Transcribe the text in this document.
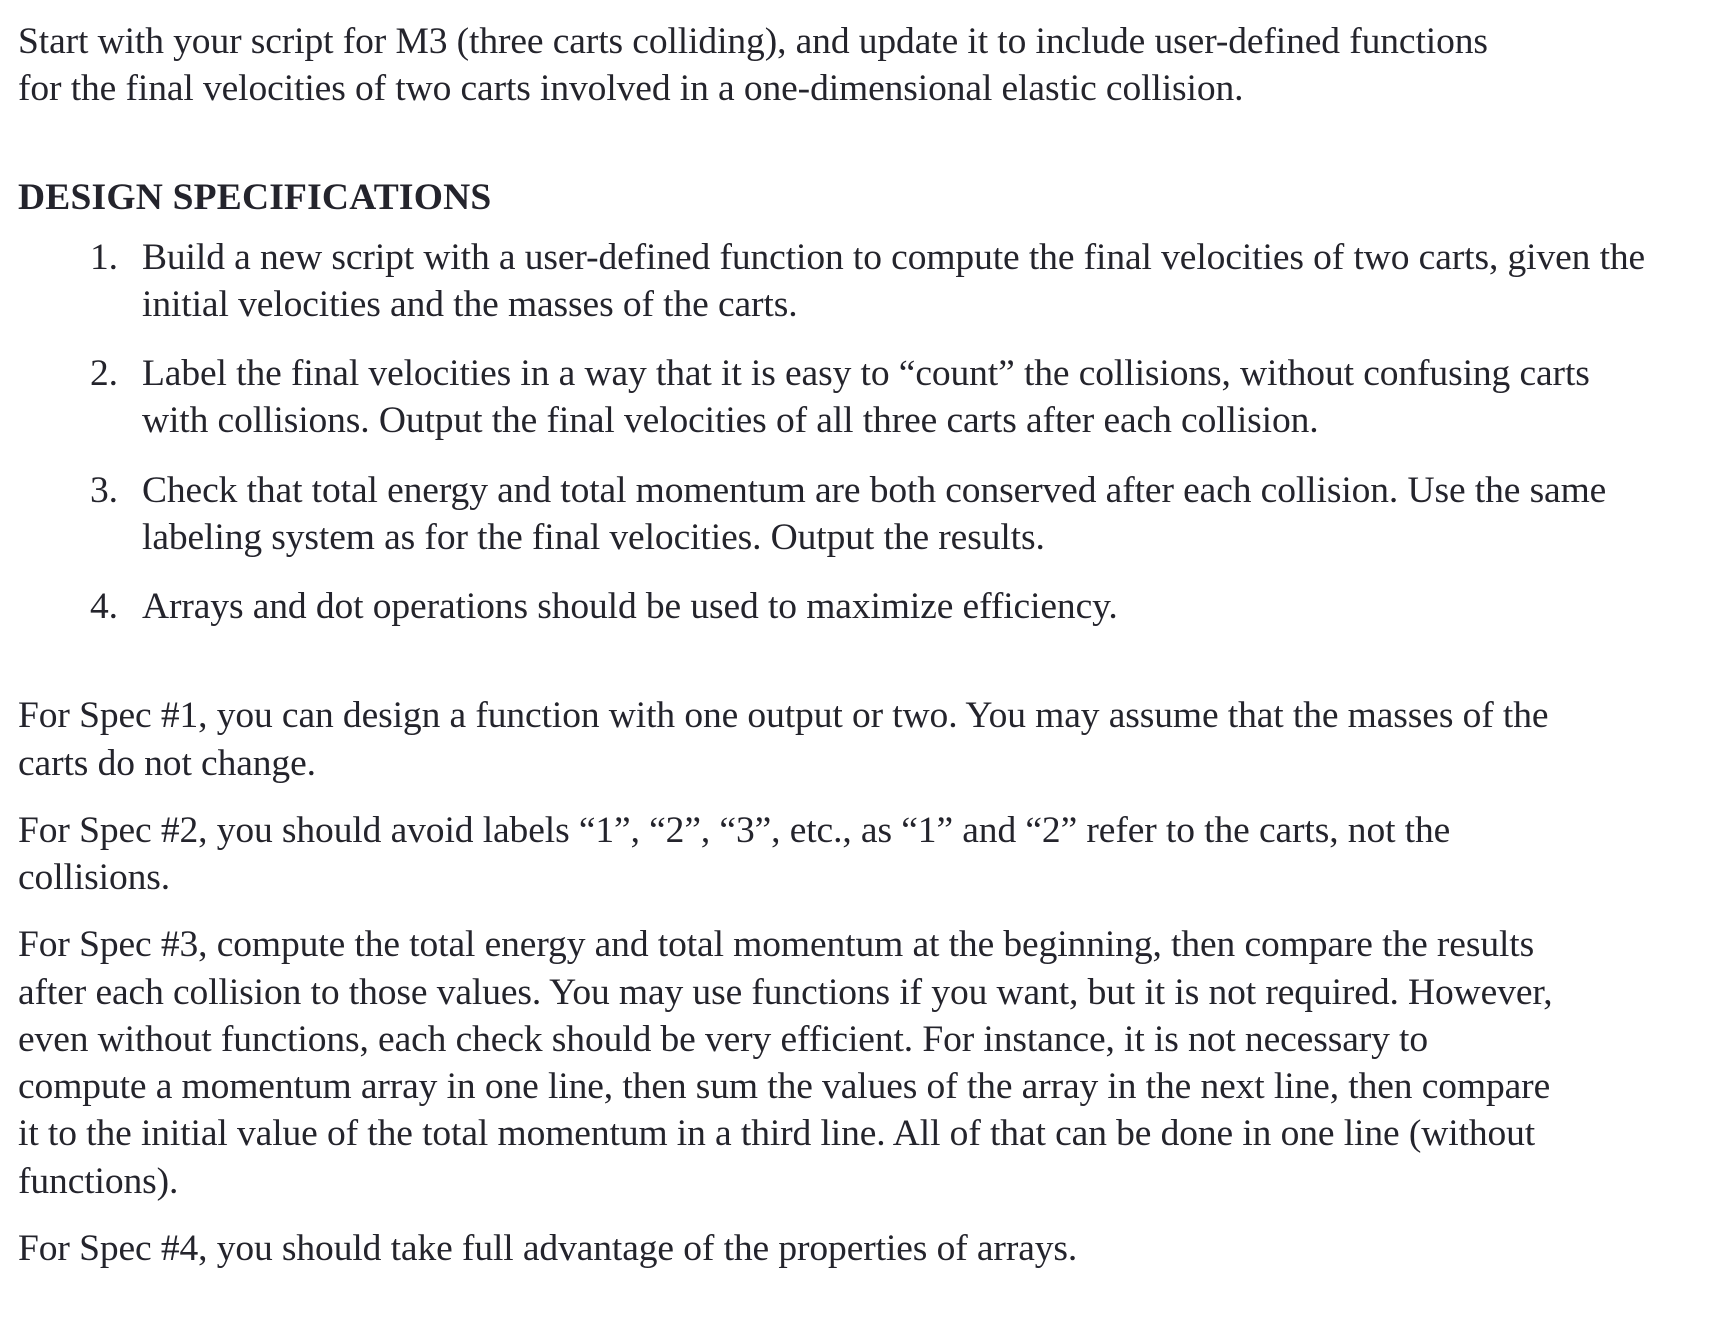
Start with your script for M3 (three carts colliding), and update it to include user-defined functions for the final velocities of two carts involved in a one-dimensional elastic collision.

DESIGN SPECIFICATIONS
1. Build a new script with a user-defined function to compute the final velocities of two carts, given the initial velocities and the masses of the carts.
2. Label the final velocities in a way that it is easy to “count” the collisions, without confusing carts with collisions. Output the final velocities of all three carts after each collision.
3. Check that total energy and total momentum are both conserved after each collision. Use the same labeling system as for the final velocities. Output the results.
4. Arrays and dot operations should be used to maximize efficiency.

For Spec #1, you can design a function with one output or two. You may assume that the masses of the carts do not change.

For Spec #2, you should avoid labels “1”, “2”, “3”, etc., as “1” and “2” refer to the carts, not the collisions.

For Spec #3, compute the total energy and total momentum at the beginning, then compare the results after each collision to those values. You may use functions if you want, but it is not required. However, even without functions, each check should be very efficient. For instance, it is not necessary to compute a momentum array in one line, then sum the values of the array in the next line, then compare it to the initial value of the total momentum in a third line. All of that can be done in one line (without functions).

For Spec #4, you should take full advantage of the properties of arrays.
